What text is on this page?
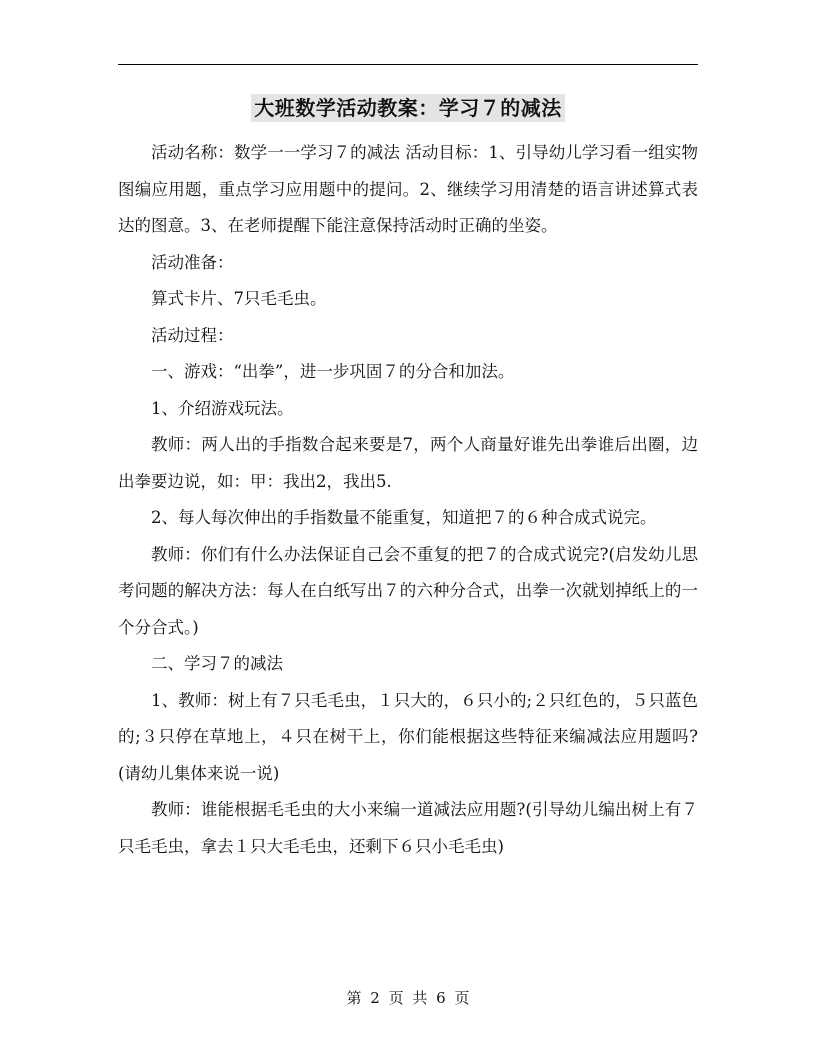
大班数学活动教案：学习７的减法

活动名称：数学一一学习７的减法 活动目标：1、引导幼儿学习看一组实物图编应用题，重点学习应用题中的提问。2、继续学习用清楚的语言讲述算式表达的图意。3、在老师提醒下能注意保持活动时正确的坐姿。

活动准备：

算式卡片、7只毛毛虫。

活动过程：

一、游戏：“出拳”，进一步巩固７的分合和加法。

1、介绍游戏玩法。

教师：两人出的手指数合起来要是7，两个人商量好谁先出拳谁后出圈，边出拳要边说，如：甲：我出2，我出5.

2、每人每次伸出的手指数量不能重复，知道把７的６种合成式说完。

教师：你们有什么办法保证自己会不重复的把７的合成式说完?(启发幼儿思考问题的解决方法：每人在白纸写出７的六种分合式，出拳一次就划掉纸上的一个分合式。)

二、学习７的减法

1、教师：树上有７只毛毛虫，１只大的，６只小的;２只红色的，５只蓝色的;３只停在草地上，４只在树干上，你们能根据这些特征来编减法应用题吗?(请幼儿集体来说一说)

教师：谁能根据毛毛虫的大小来编一道减法应用题?(引导幼儿编出树上有７只毛毛虫，拿去１只大毛毛虫，还剩下６只小毛毛虫)

第 2 页 共 6 页
